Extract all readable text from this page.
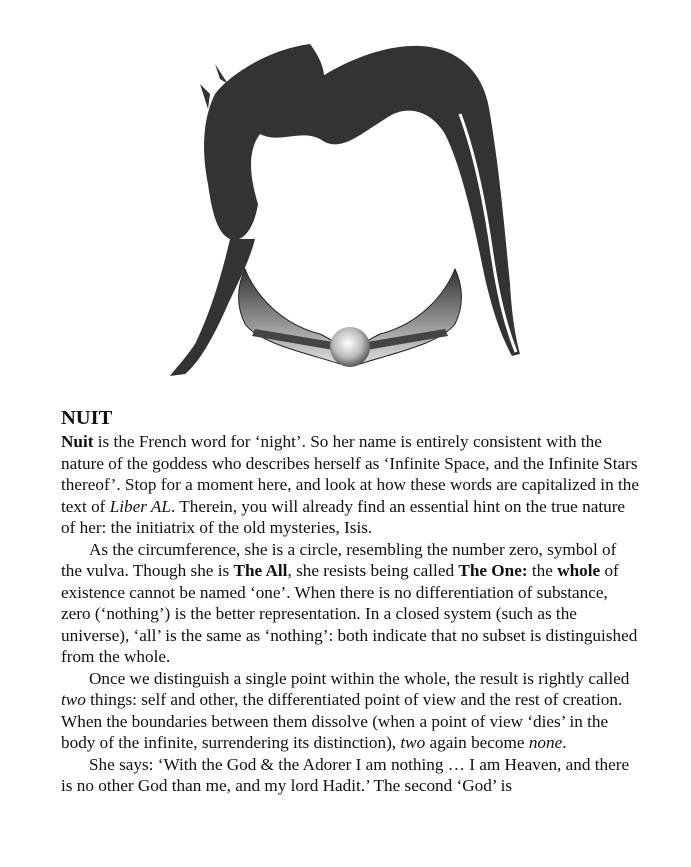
NUIT

Nuit is the French word for ‘night’. So her name is entirely consistent with the nature of the goddess who describes herself as ‘Infinite Space, and the Infinite Stars thereof’. Stop for a moment here, and look at how these words are capitalized in the text of Liber AL. Therein, you will already find an essential hint on the true nature of her: the initiatrix of the old mysteries, Isis.

As the circumference, she is a circle, resembling the number zero, symbol of the vulva. Though she is The All, she resists being called The One: the whole of existence cannot be named ‘one’. When there is no differentiation of substance, zero (‘nothing’) is the better representation. In a closed system (such as the universe), ‘all’ is the same as ‘nothing’: both indicate that no subset is distinguished from the whole.

Once we distinguish a single point within the whole, the result is rightly called two things: self and other, the differentiated point of view and the rest of creation. When the boundaries between them dissolve (when a point of view ‘dies’ in the body of the infinite, surrendering its distinction), two again become none.

She says: ‘With the God & the Adorer I am nothing … I am Heaven, and there is no other God than me, and my lord Hadit.’ The second ‘God’ is
